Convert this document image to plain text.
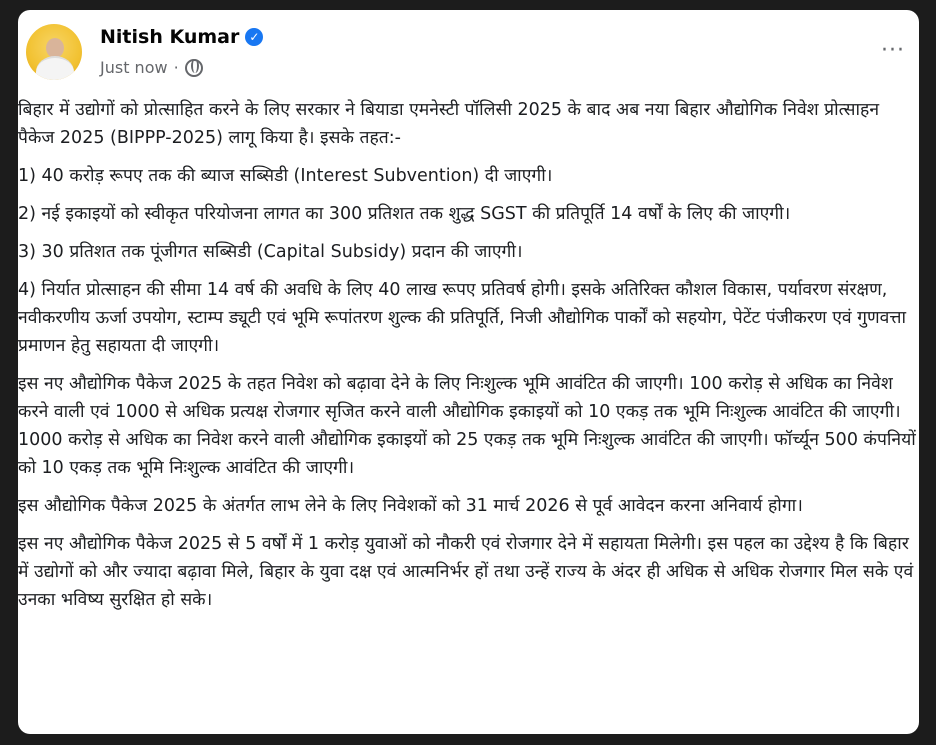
Nitish Kumar ✓
Just now ·
···

बिहार में उद्योगों को प्रोत्साहित करने के लिए सरकार ने बियाडा एमनेस्टी पॉलिसी 2025 के बाद अब नया बिहार औद्योगिक निवेश प्रोत्साहन पैकेज 2025 (BIPPP-2025) लागू किया है। इसके तहत:-

1) 40 करोड़ रूपए तक की ब्याज सब्सिडी (Interest Subvention) दी जाएगी।

2) नई इकाइयों को स्वीकृत परियोजना लागत का 300 प्रतिशत तक शुद्ध SGST की प्रतिपूर्ति 14 वर्षों के लिए की जाएगी।

3) 30 प्रतिशत तक पूंजीगत सब्सिडी (Capital Subsidy) प्रदान की जाएगी।

4) निर्यात प्रोत्साहन की सीमा 14 वर्ष की अवधि के लिए 40 लाख रूपए प्रतिवर्ष होगी। इसके अतिरिक्त कौशल विकास, पर्यावरण संरक्षण, नवीकरणीय ऊर्जा उपयोग, स्टाम्प ड्यूटी एवं भूमि रूपांतरण शुल्क की प्रतिपूर्ति, निजी औद्योगिक पार्कों को सहयोग, पेटेंट पंजीकरण एवं गुणवत्ता प्रमाणन हेतु सहायता दी जाएगी।

इस नए औद्योगिक पैकेज 2025 के तहत निवेश को बढ़ावा देने के लिए निःशुल्क भूमि आवंटित की जाएगी। 100 करोड़ से अधिक का निवेश करने वाली एवं 1000 से अधिक प्रत्यक्ष रोजगार सृजित करने वाली औद्योगिक इकाइयों को 10 एकड़ तक भूमि निःशुल्क आवंटित की जाएगी। 1000 करोड़ से अधिक का निवेश करने वाली औद्योगिक इकाइयों को 25 एकड़ तक भूमि निःशुल्क आवंटित की जाएगी। फॉर्च्यून 500 कंपनियों को 10 एकड़ तक भूमि निःशुल्क आवंटित की जाएगी।

इस औद्योगिक पैकेज 2025 के अंतर्गत लाभ लेने के लिए निवेशकों को 31 मार्च 2026 से पूर्व आवेदन करना अनिवार्य होगा।

इस नए औद्योगिक पैकेज 2025 से 5 वर्षों में 1 करोड़ युवाओं को नौकरी एवं रोजगार देने में सहायता मिलेगी। इस पहल का उद्देश्य है कि बिहार में उद्योगों को और ज्यादा बढ़ावा मिले, बिहार के युवा दक्ष एवं आत्मनिर्भर हों तथा उन्हें राज्य के अंदर ही अधिक से अधिक रोजगार मिल सके एवं उनका भविष्य सुरक्षित हो सके।
